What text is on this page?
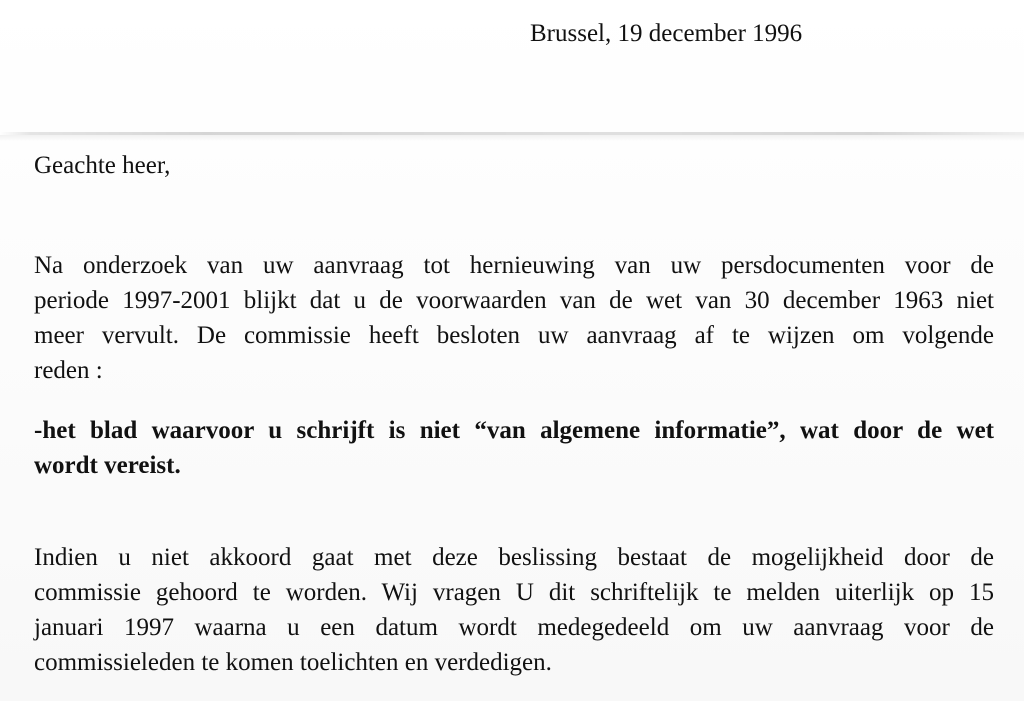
Brussel, 19 december 1996
Geachte heer,
Na onderzoek van uw aanvraag tot hernieuwing van uw persdocumenten voor de
periode 1997-2001 blijkt dat u de voorwaarden van de wet van 30 december 1963 niet
meer vervult. De commissie heeft besloten uw aanvraag af te wijzen om volgende
reden :
-het blad waarvoor u schrijft is niet “van algemene informatie”, wat door de wet
wordt vereist.
Indien u niet akkoord gaat met deze beslissing bestaat de mogelijkheid door de
commissie gehoord te worden. Wij vragen U dit schriftelijk te melden uiterlijk op 15
januari 1997 waarna u een datum wordt medegedeeld om uw aanvraag voor de
commissieleden te komen toelichten en verdedigen.
